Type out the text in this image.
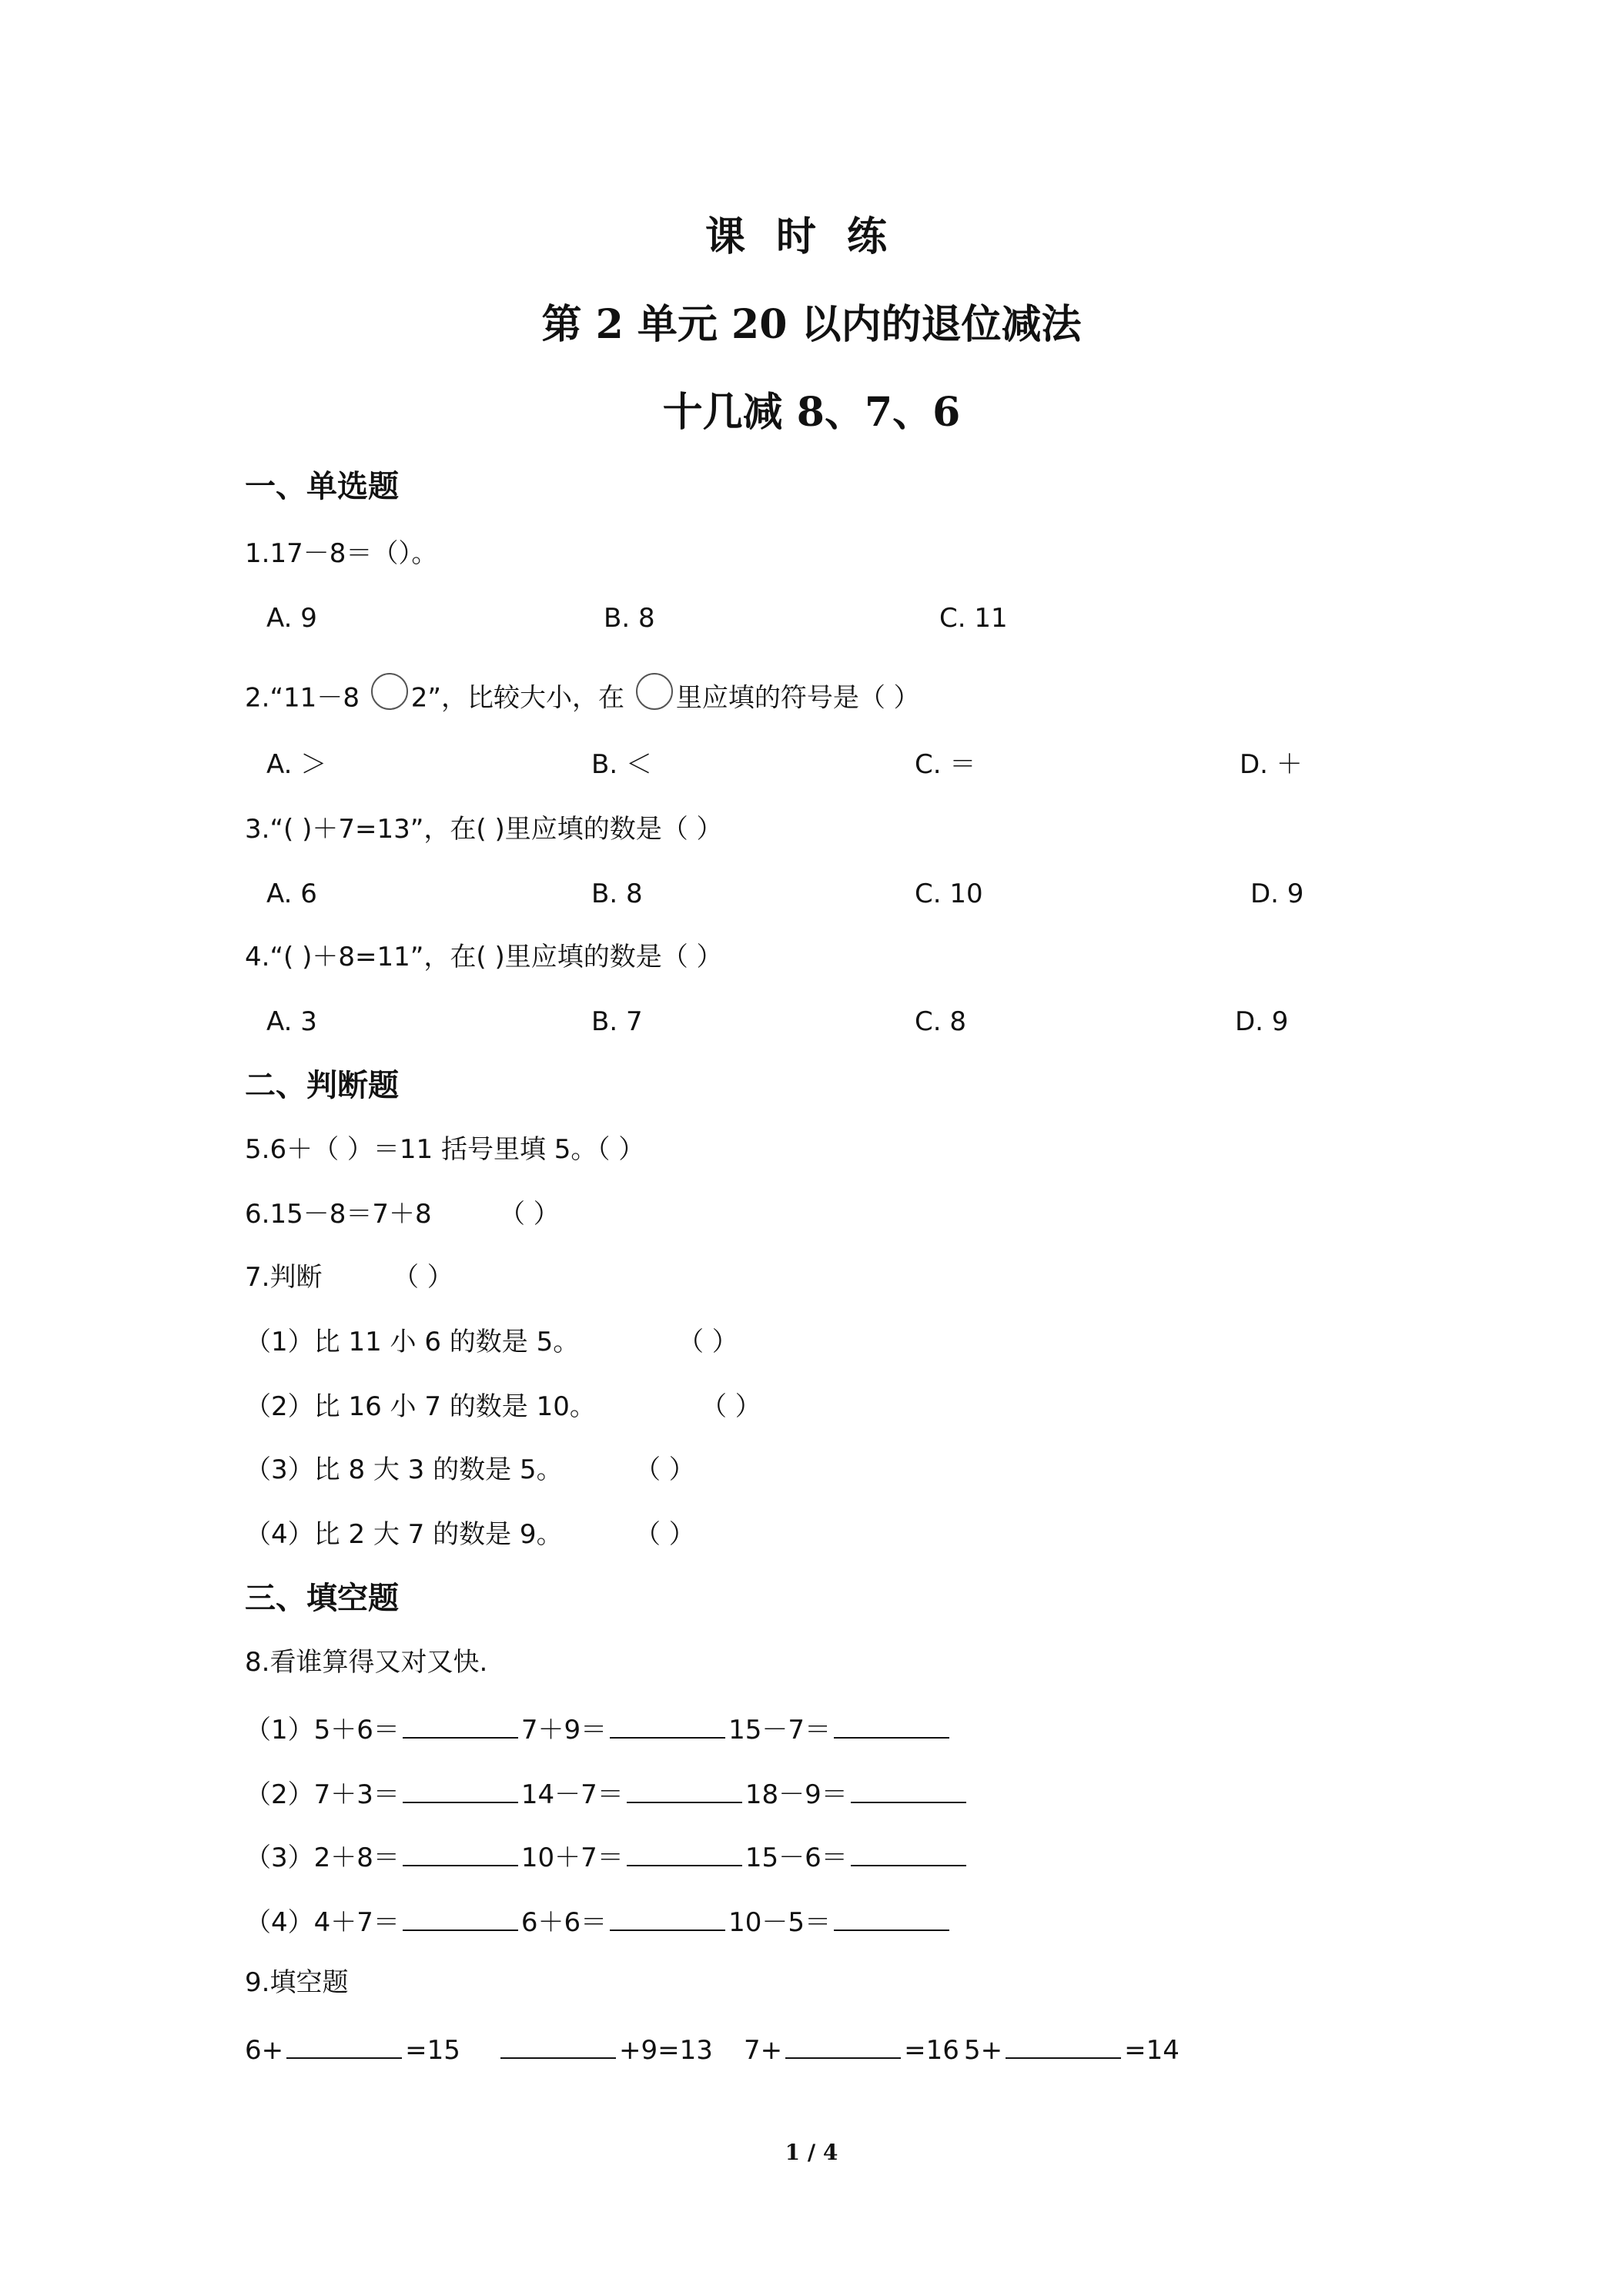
课时练
第 2 单元 20 以内的退位减法
十几减 8、7、6
一、单选题
1.17－8＝（）。
A. 9	B. 8	C. 11
2.“11－8 2”，比较大小，在 里应填的符号是（ ）
A. ＞	B. ＜	C. ＝	D. ＋
3.“( )＋7=13”，在( )里应填的数是（ ）
A. 6	B. 8	C. 10	D. 9
4.“( )＋8=11”，在( )里应填的数是（ ）
A. 3	B. 7	C. 8	D. 9
二、判断题
5.6＋（ ）＝11 括号里填 5。（ ）
6.15－8＝7＋8	（ ）
7.判断	（ ）
（1）比 11 小 6 的数是 5。	（ ）
（2）比 16 小 7 的数是 10。	（ ）
（3）比 8 大 3 的数是 5。	（ ）
（4）比 2 大 7 的数是 9。	（ ）
三、填空题
8.看谁算得又对又快.
（1）5＋6＝	7＋9＝	15－7＝
（2）7＋3＝	14－7＝	18－9＝
（3）2＋8＝	10＋7＝	15－6＝
（4）4＋7＝	6＋6＝	10－5＝
9.填空题
6+	=15	+9=13 7+	=16 5+	=14
1 / 4
